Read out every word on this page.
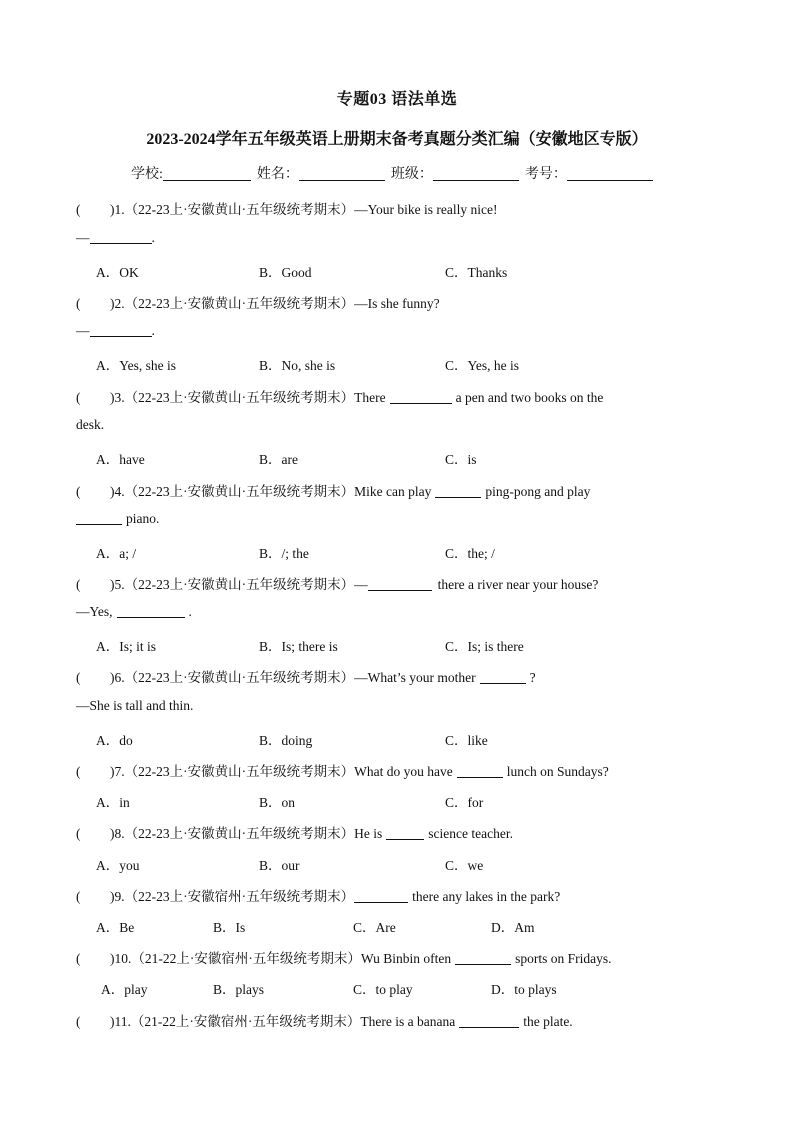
专题03 语法单选
2023-2024学年五年级英语上册期末备考真题分类汇编（安徽地区专版）
学校:	姓名：	班级：	考号：
( )1.（22-23上·安徽黄山·五年级统考期末）—Your bike is really nice!
—	.
A．OK	B．Good	C．Thanks
( )2.（22-23上·安徽黄山·五年级统考期末）—Is she funny?
—	.
A．Yes, she is	B．No, she is	C．Yes, he is
( )3.（22-23上·安徽黄山·五年级统考期末）There	a pen and two books on the
desk.
A．have	B．are	C．is
( )4.（22-23上·安徽黄山·五年级统考期末）Mike can play	ping-pong and play
piano.
A．a; /	B．/; the	C．the; /
( )5.（22-23上·安徽黄山·五年级统考期末）—	there a river near your house?
—Yes,	.
A．Is; it is	B．Is; there is	C．Is; is there
( )6.（22-23上·安徽黄山·五年级统考期末）—What’s your mother	?
—She is tall and thin.
A．do	B．doing	C．like
( )7.（22-23上·安徽黄山·五年级统考期末）What do you have	lunch on Sundays?
A．in	B．on	C．for
( )8.（22-23上·安徽黄山·五年级统考期末）He is	science teacher.
A．you	B．our	C．we
( )9.（22-23上·安徽宿州·五年级统考期末）	there any lakes in the park?
A．Be	B．Is	C．Are	D．Am
( )10.（21-22上·安徽宿州·五年级统考期末）Wu Binbin often	sports on Fridays.
A．play	B．plays	C．to play	D．to plays
( )11.（21-22上·安徽宿州·五年级统考期末）There is a banana	the plate.
